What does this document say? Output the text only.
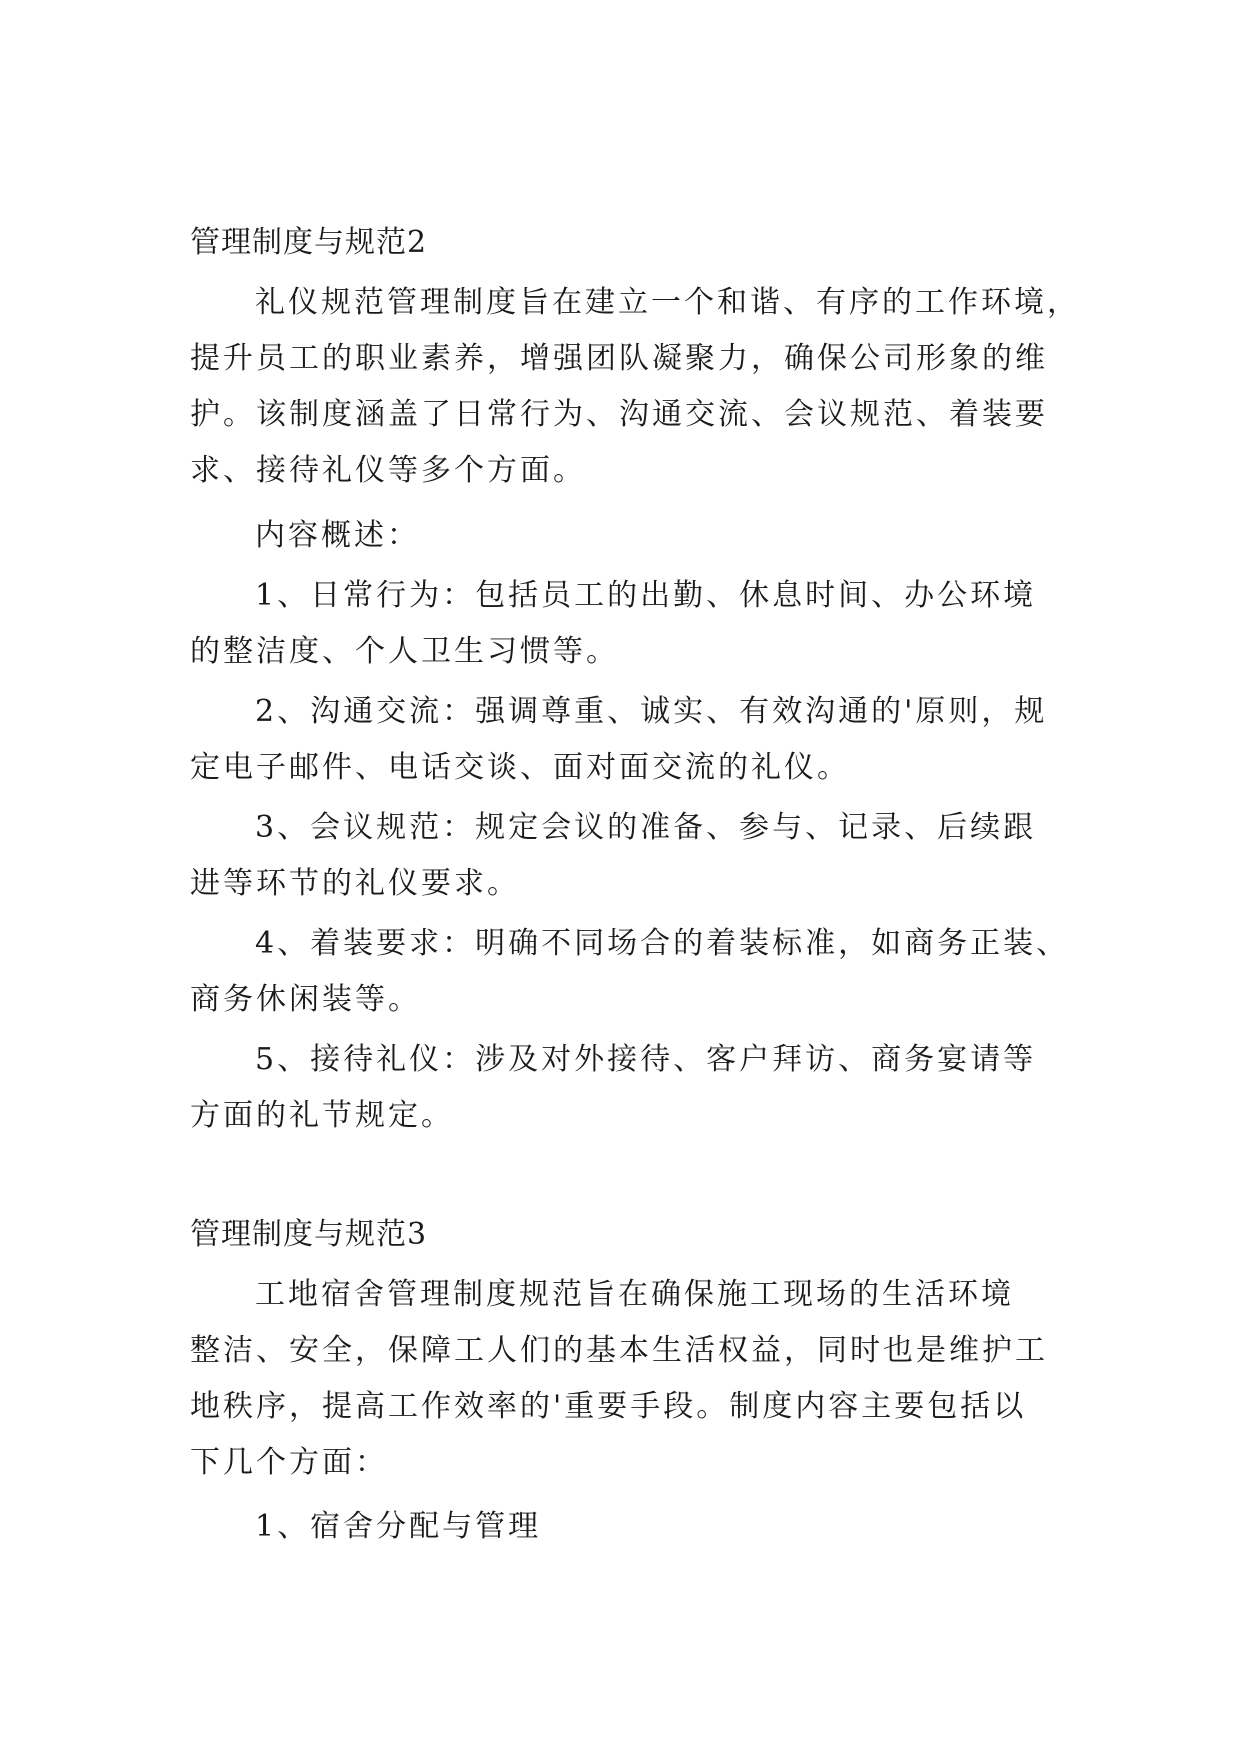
管理制度与规范2
礼仪规范管理制度旨在建立一个和谐、有序的工作环境，
提升员工的职业素养，增强团队凝聚力，确保公司形象的维
护。该制度涵盖了日常行为、沟通交流、会议规范、着装要
求、接待礼仪等多个方面。
内容概述：
1、日常行为：包括员工的出勤、休息时间、办公环境
的整洁度、个人卫生习惯等。
2、沟通交流：强调尊重、诚实、有效沟通的'原则，规
定电子邮件、电话交谈、面对面交流的礼仪。
3、会议规范：规定会议的准备、参与、记录、后续跟
进等环节的礼仪要求。
4、着装要求：明确不同场合的着装标准，如商务正装、
商务休闲装等。
5、接待礼仪：涉及对外接待、客户拜访、商务宴请等
方面的礼节规定。
管理制度与规范3
工地宿舍管理制度规范旨在确保施工现场的生活环境
整洁、安全，保障工人们的基本生活权益，同时也是维护工
地秩序，提高工作效率的'重要手段。制度内容主要包括以
下几个方面：
1、宿舍分配与管理
